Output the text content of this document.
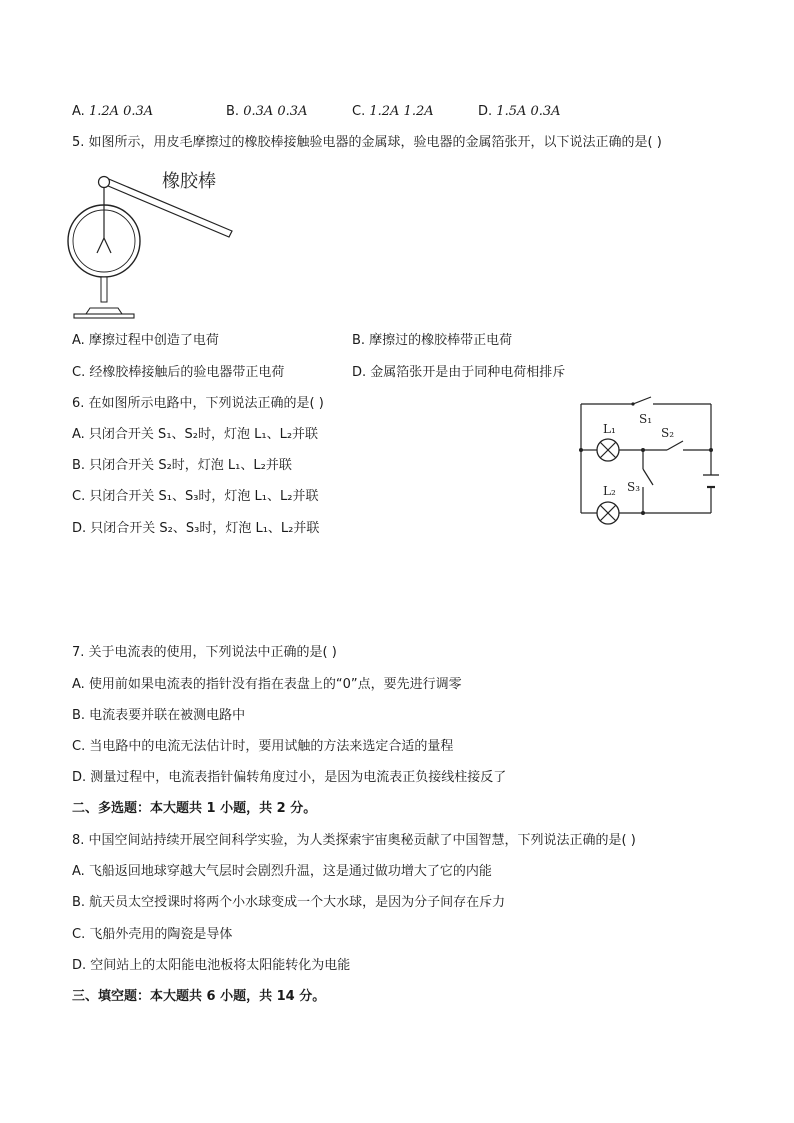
A. 1.2A 0.3A	B. 0.3A 0.3A	C. 1.2A 1.2A	D. 1.5A 0.3A
5. 如图所示，用皮毛摩擦过的橡胶棒接触验电器的金属球，验电器的金属箔张开，以下说法正确的是( )
橡胶棒
A. 摩擦过程中创造了电荷	B. 摩擦过的橡胶棒带正电荷
C. 经橡胶棒接触后的验电器带正电荷	D. 金属箔张开是由于同种电荷相排斥
6. 在如图所示电路中，下列说法正确的是( )
A. 只闭合开关 S₁、S₂时，灯泡 L₁、L₂并联
B. 只闭合开关 S₂时，灯泡 L₁、L₂并联
C. 只闭合开关 S₁、S₃时，灯泡 L₁、L₂并联
D. 只闭合开关 S₂、S₃时，灯泡 L₁、L₂并联
S₁
S₂
L₁
S₃
L₂
7. 关于电流表的使用，下列说法中正确的是( )
A. 使用前如果电流表的指针没有指在表盘上的“0”点，要先进行调零
B. 电流表要并联在被测电路中
C. 当电路中的电流无法估计时，要用试触的方法来选定合适的量程
D. 测量过程中，电流表指针偏转角度过小，是因为电流表正负接线柱接反了
二、多选题：本大题共 1 小题，共 2 分。
8. 中国空间站持续开展空间科学实验，为人类探索宇宙奥秘贡献了中国智慧，下列说法正确的是( )
A. 飞船返回地球穿越大气层时会剧烈升温，这是通过做功增大了它的内能
B. 航天员太空授课时将两个小水球变成一个大水球，是因为分子间存在斥力
C. 飞船外壳用的陶瓷是导体
D. 空间站上的太阳能电池板将太阳能转化为电能
三、填空题：本大题共 6 小题，共 14 分。
